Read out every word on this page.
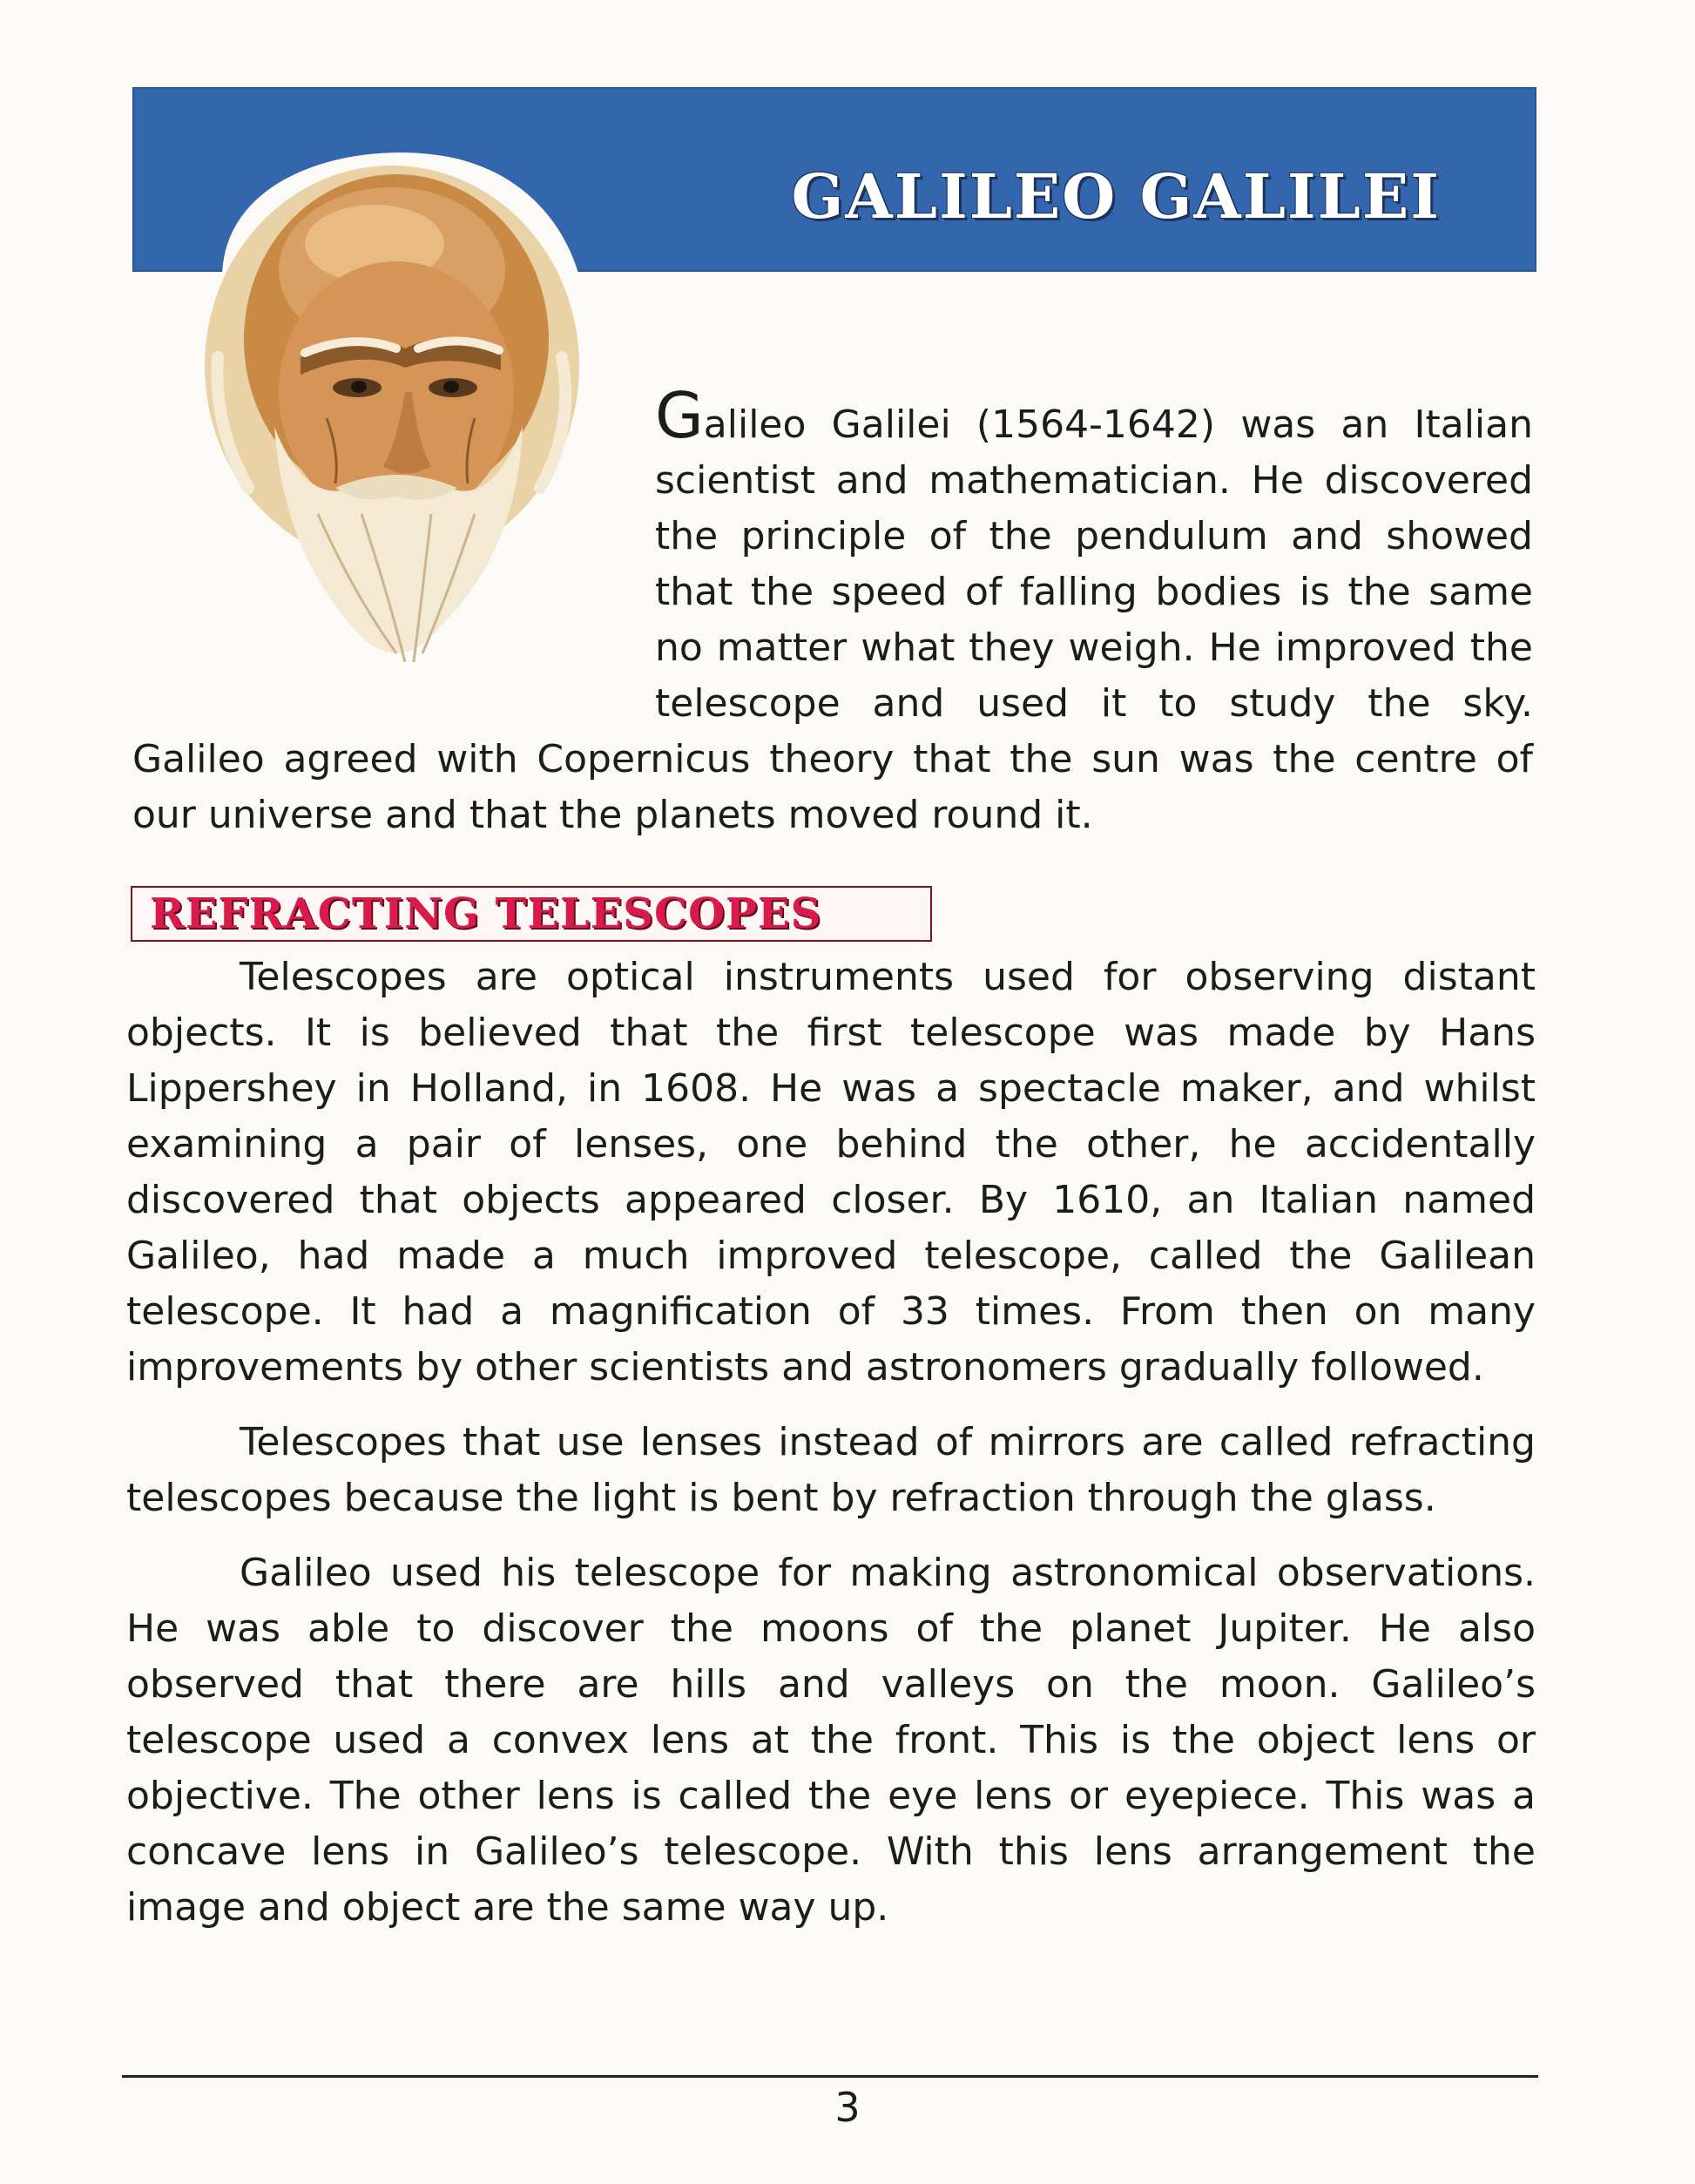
GALILEO GALILEI

Galileo Galilei (1564-1642) was an Italian scientist and mathematician. He discovered the principle of the pendulum and showed that the speed of falling bodies is the same no matter what they weigh. He improved the telescope and used it to study the sky. Galileo agreed with Copernicus theory that the sun was the centre of our universe and that the planets moved round it.

REFRACTING TELESCOPES

Telescopes are optical instruments used for observing distant objects. It is believed that the first telescope was made by Hans Lippershey in Holland, in 1608. He was a spectacle maker, and whilst examining a pair of lenses, one behind the other, he accidentally discovered that objects appeared closer. By 1610, an Italian named Galileo, had made a much improved telescope, called the Galilean telescope. It had a magnification of 33 times. From then on many improvements by other scientists and astronomers gradually followed.

Telescopes that use lenses instead of mirrors are called refracting telescopes because the light is bent by refraction through the glass.

Galileo used his telescope for making astronomical observations. He was able to discover the moons of the planet Jupiter. He also observed that there are hills and valleys on the moon. Galileo’s telescope used a convex lens at the front. This is the object lens or objective. The other lens is called the eye lens or eyepiece. This was a concave lens in Galileo’s telescope. With this lens arrangement the image and object are the same way up.

3
